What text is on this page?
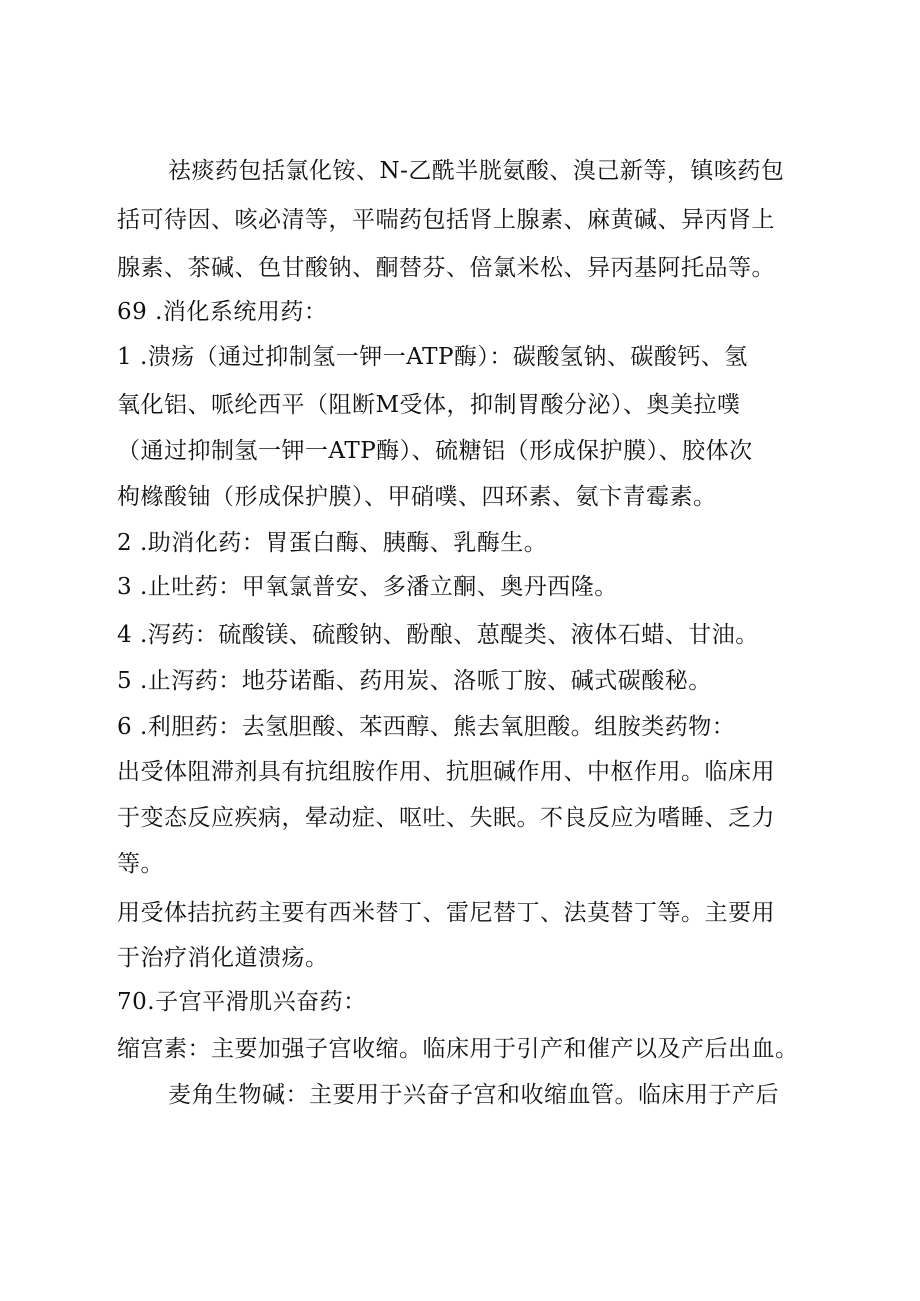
祛痰药包括氯化铵、N-乙酰半胱氨酸、溴己新等，镇咳药包
括可待因、咳必清等，平喘药包括肾上腺素、麻黄碱、异丙肾上
腺素、茶碱、色甘酸钠、酮替芬、倍氯米松、异丙基阿托品等。
69 .消化系统用药：
1 .溃疡（通过抑制氢一钾一ATP酶）：碳酸氢钠、碳酸钙、氢
氧化铝、哌纶西平（阻断M受体，抑制胃酸分泌）、奥美拉噗
（通过抑制氢一钾一ATP酶）、硫糖铝（形成保护膜）、胶体次
枸橼酸铀（形成保护膜）、甲硝噗、四环素、氨卞青霉素。
2 .助消化药：胃蛋白酶、胰酶、乳酶生。
3 .止吐药：甲氧氯普安、多潘立酮、奥丹西隆。
4 .泻药：硫酸镁、硫酸钠、酚酿、葸醍类、液体石蜡、甘油。
5 .止泻药：地芬诺酯、药用炭、洛哌丁胺、碱式碳酸秘。
6 .利胆药：去氢胆酸、苯西醇、熊去氧胆酸。组胺类药物：
出受体阻滞剂具有抗组胺作用、抗胆碱作用、中枢作用。临床用
于变态反应疾病，晕动症、呕吐、失眠。不良反应为嗜睡、乏力
等。
用受体拮抗药主要有西米替丁、雷尼替丁、法莫替丁等。主要用
于治疗消化道溃疡。
70.子宫平滑肌兴奋药：
缩宫素：主要加强子宫收缩。临床用于引产和催产以及产后出血。
麦角生物碱：主要用于兴奋子宫和收缩血管。临床用于产后
